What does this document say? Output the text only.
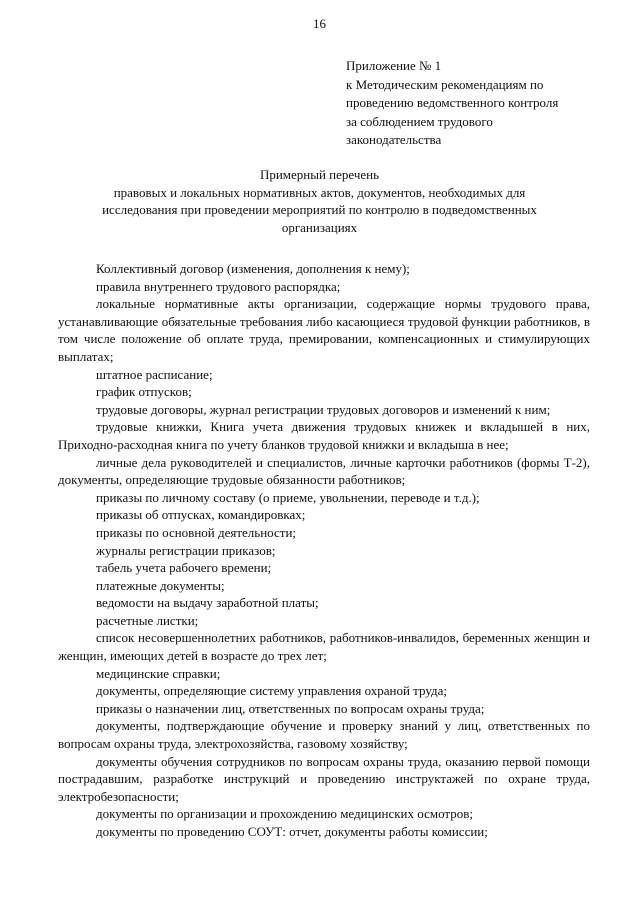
16
Приложение № 1
к Методическим рекомендациям по
проведению ведомственного контроля
за соблюдением трудового
законодательства
Примерный перечень
правовых и локальных нормативных актов, документов, необходимых для
исследования при проведении мероприятий по контролю в подведомственных
организациях

Коллективный договор (изменения, дополнения к нему);

правила внутреннего трудового распорядка;

локальные нормативные акты организации, содержащие нормы трудового права, устанавливающие обязательные требования либо касающиеся трудовой функции работников, в том числе положение об оплате труда, премировании, компенсационных и стимулирующих выплатах;

штатное расписание;

график отпусков;

трудовые договоры, журнал регистрации трудовых договоров и изменений к ним;

трудовые книжки, Книга учета движения трудовых книжек и вкладышей в них, Приходно-расходная книга по учету бланков трудовой книжки и вкладыша в нее;

личные дела руководителей и специалистов, личные карточки работников (формы Т-2), документы, определяющие трудовые обязанности работников;

приказы по личному составу (о приеме, увольнении, переводе и т.д.);

приказы об отпусках, командировках;

приказы по основной деятельности;

журналы регистрации приказов;

табель учета рабочего времени;

платежные документы;

ведомости на выдачу заработной платы;

расчетные листки;

список несовершеннолетних работников, работников-инвалидов, беременных женщин и женщин, имеющих детей в возрасте до трех лет;

медицинские справки;

документы, определяющие систему управления охраной труда;

приказы о назначении лиц, ответственных по вопросам охраны труда;

документы, подтверждающие обучение и проверку знаний у лиц, ответственных по вопросам охраны труда, электрохозяйства, газовому хозяйству;

документы обучения сотрудников по вопросам охраны труда, оказанию первой помощи пострадавшим, разработке инструкций и проведению инструктажей по охране труда, электробезопасности;

документы по организации и прохождению медицинских осмотров;

документы по проведению СОУТ: отчет, документы работы комиссии;
